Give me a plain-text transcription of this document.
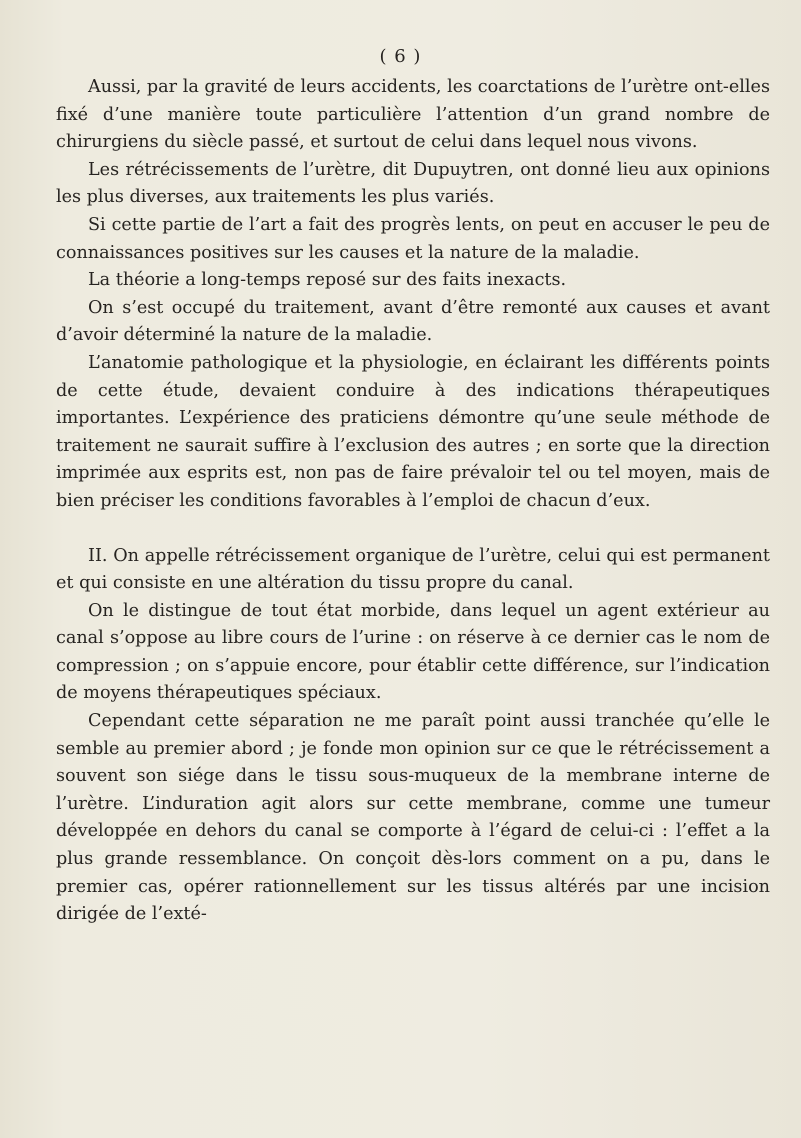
( 6 )

Aussi, par la gravité de leurs accidents, les coarctations de l’urètre ont-elles fixé d’une manière toute particulière l’attention d’un grand nombre de chirurgiens du siècle passé, et surtout de celui dans lequel nous vivons.

Les rétrécissements de l’urètre, dit Dupuytren, ont donné lieu aux opinions les plus diverses, aux traitements les plus variés.

Si cette partie de l’art a fait des progrès lents, on peut en accuser le peu de connaissances positives sur les causes et la nature de la maladie.

La théorie a long-temps reposé sur des faits inexacts.

On s’est occupé du traitement, avant d’être remonté aux causes et avant d’avoir déterminé la nature de la maladie.

L’anatomie pathologique et la physiologie, en éclairant les différents points de cette étude, devaient conduire à des indications thérapeutiques importantes. L’expérience des praticiens démontre qu’une seule méthode de traitement ne saurait suffire à l’exclusion des autres ; en sorte que la direction imprimée aux esprits est, non pas de faire prévaloir tel ou tel moyen, mais de bien préciser les conditions favorables à l’emploi de chacun d’eux.

II. On appelle rétrécissement organique de l’urètre, celui qui est permanent et qui consiste en une altération du tissu propre du canal.

On le distingue de tout état morbide, dans lequel un agent extérieur au canal s’oppose au libre cours de l’urine : on réserve à ce dernier cas le nom de compression ; on s’appuie encore, pour établir cette différence, sur l’indication de moyens thérapeutiques spéciaux.

Cependant cette séparation ne me paraît point aussi tranchée qu’elle le semble au premier abord ; je fonde mon opinion sur ce que le rétrécissement a souvent son siége dans le tissu sous-muqueux de la membrane interne de l’urètre. L’induration agit alors sur cette membrane, comme une tumeur développée en dehors du canal se comporte à l’égard de celui-ci : l’effet a la plus grande ressemblance. On conçoit dès-lors comment on a pu, dans le premier cas, opérer rationnellement sur les tissus altérés par une incision dirigée de l’exté-
